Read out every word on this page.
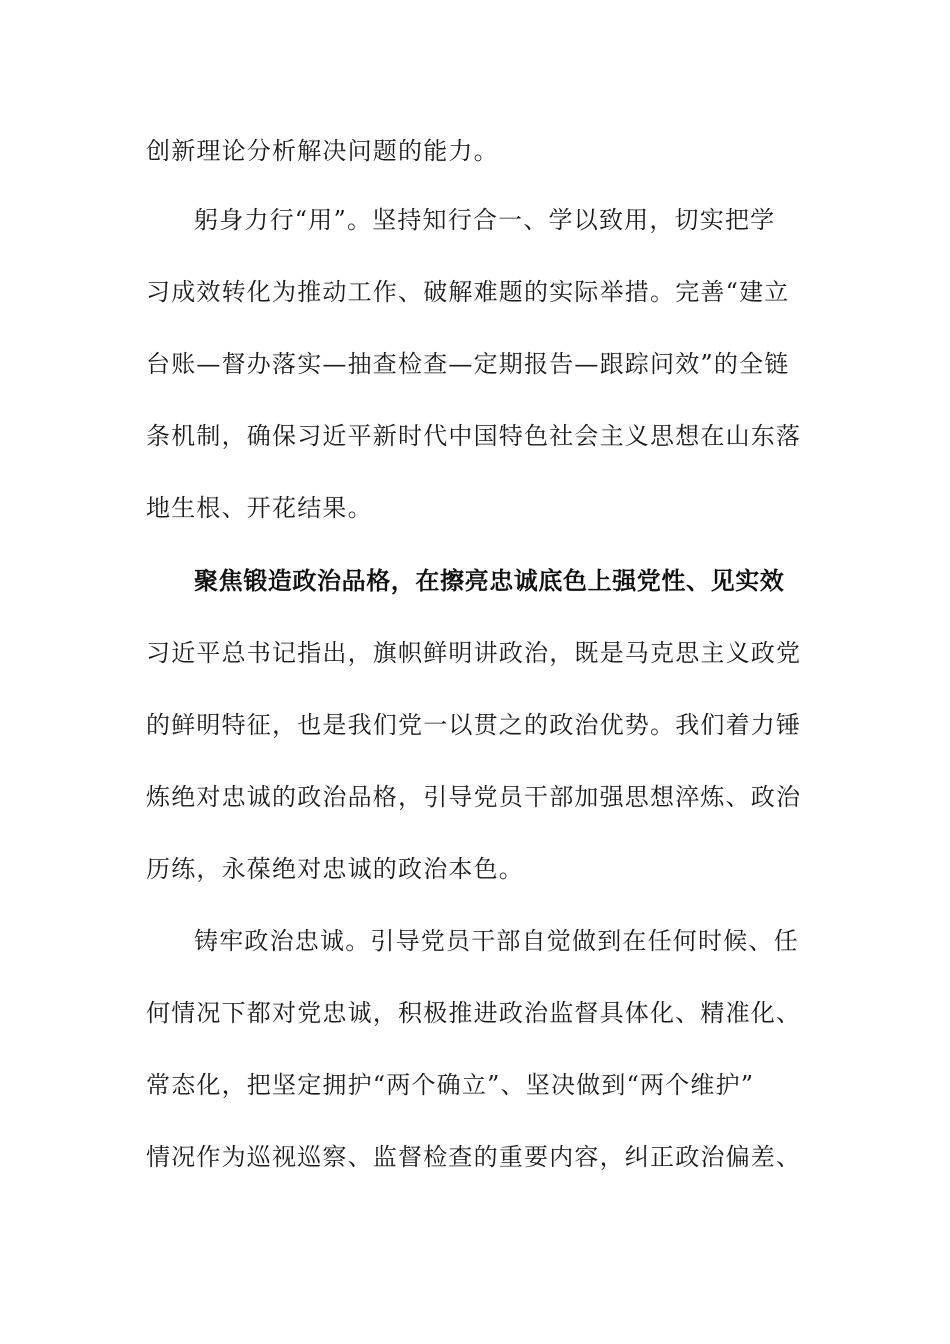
创新理论分析解决问题的能力。
躬身力行“用”。坚持知行合一、学以致用，切实把学
习成效转化为推动工作、破解难题的实际举措。完善“建立
台账—督办落实—抽查检查—定期报告—跟踪问效”的全链
条机制，确保习近平新时代中国特色社会主义思想在山东落
地生根、开花结果。
聚焦锻造政治品格，在擦亮忠诚底色上强党性、见实效
习近平总书记指出，旗帜鲜明讲政治，既是马克思主义政党
的鲜明特征，也是我们党一以贯之的政治优势。我们着力锤
炼绝对忠诚的政治品格，引导党员干部加强思想淬炼、政治
历练，永葆绝对忠诚的政治本色。
铸牢政治忠诚。引导党员干部自觉做到在任何时候、任
何情况下都对党忠诚，积极推进政治监督具体化、精准化、
常态化，把坚定拥护“两个确立”、坚决做到“两个维护”
情况作为巡视巡察、监督检查的重要内容，纠正政治偏差、
